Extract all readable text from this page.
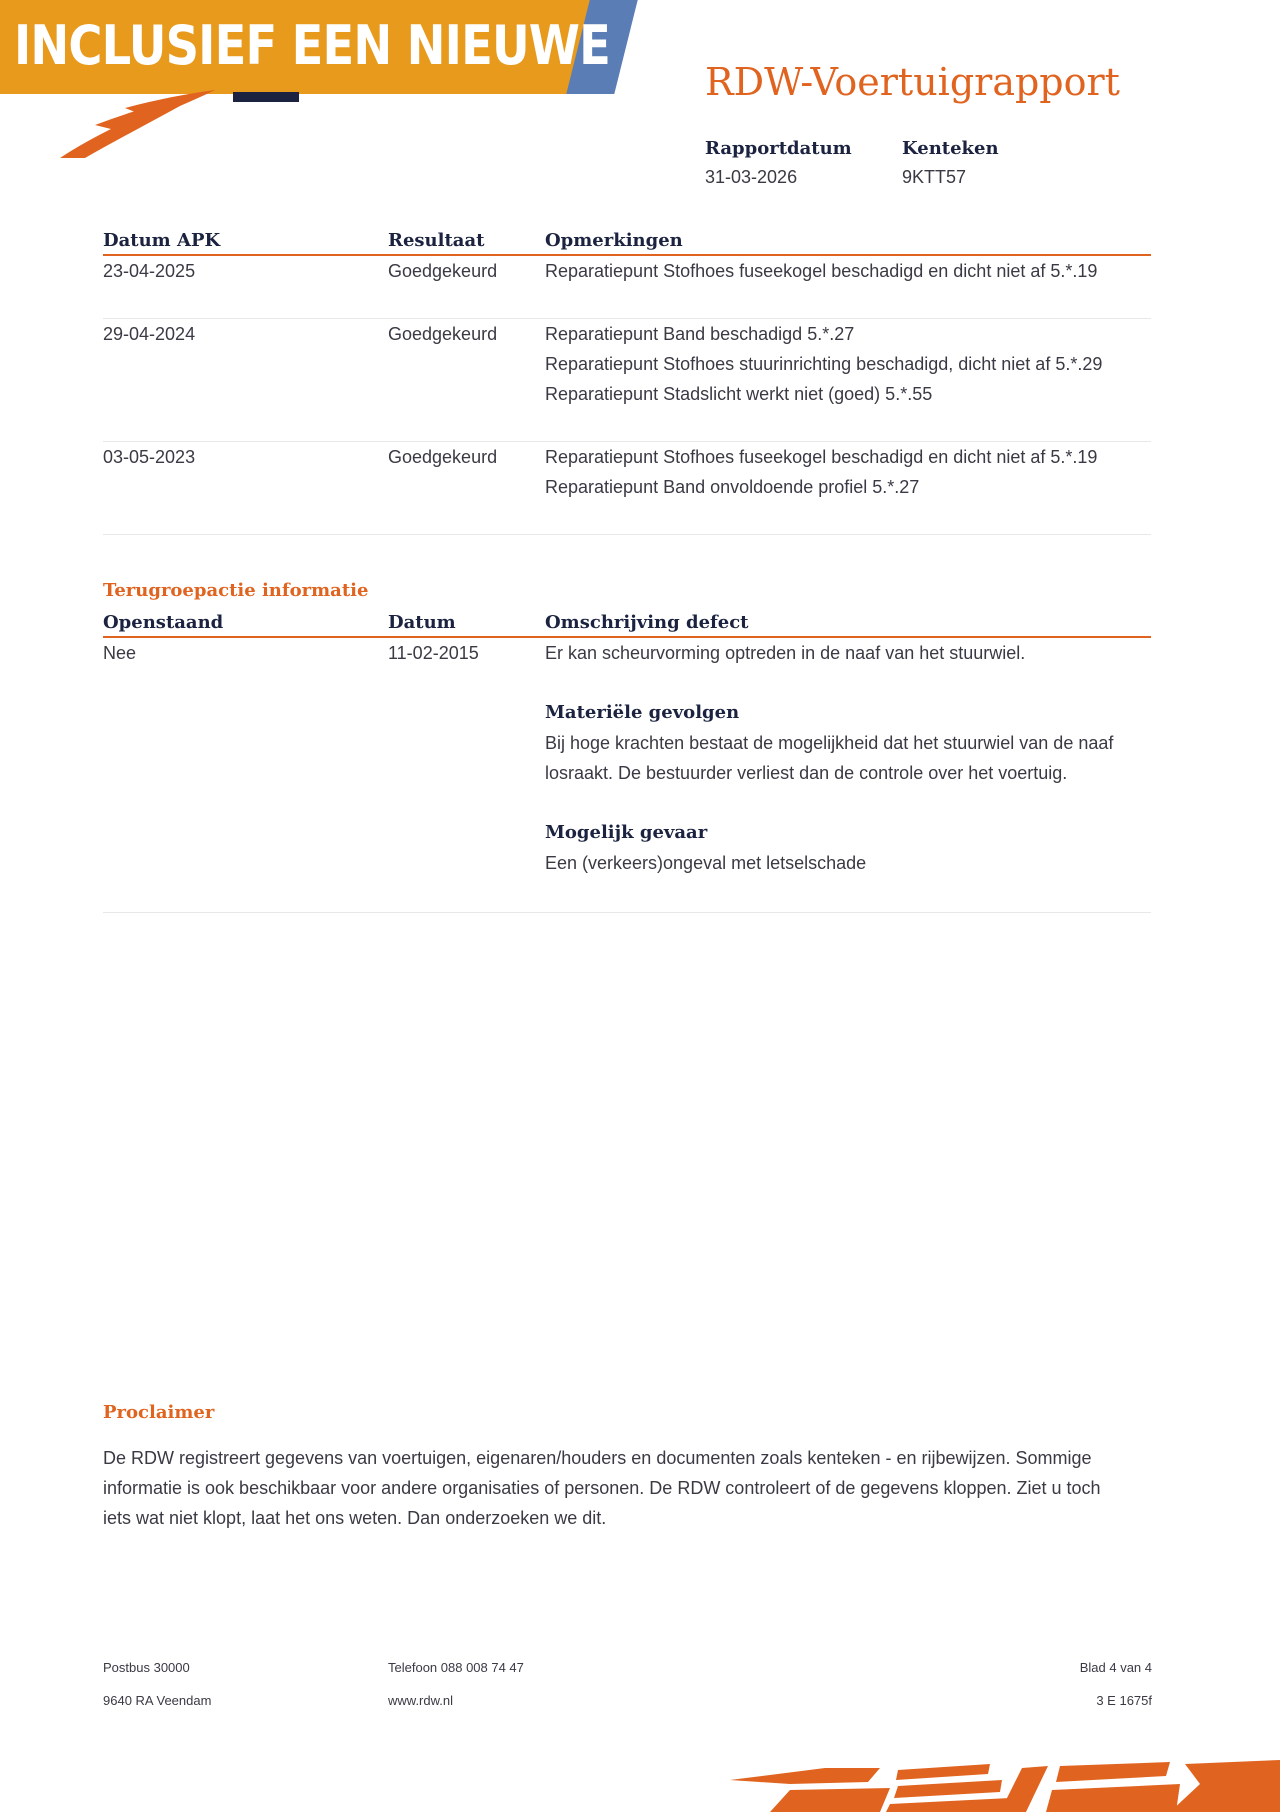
INCLUSIEF EEN NIEUWE APK
RDW-Voertuigrapport
Rapportdatum
31-03-2026
Kenteken
9KTT57
Datum APK	Resultaat	Opmerkingen
23-04-2025	Goedgekeurd	Reparatiepunt Stofhoes fuseekogel beschadigd en dicht niet af 5.*.19
29-04-2024	Goedgekeurd	Reparatiepunt Band beschadigd 5.*.27
Reparatiepunt Stofhoes stuurinrichting beschadigd, dicht niet af 5.*.29
Reparatiepunt Stadslicht werkt niet (goed) 5.*.55
03-05-2023	Goedgekeurd	Reparatiepunt Stofhoes fuseekogel beschadigd en dicht niet af 5.*.19
Reparatiepunt Band onvoldoende profiel 5.*.27
Terugroepactie informatie
Openstaand	Datum	Omschrijving defect
Nee	11-02-2015	Er kan scheurvorming optreden in de naaf van het stuurwiel.
Materiële gevolgen
Bij hoge krachten bestaat de mogelijkheid dat het stuurwiel van de naaf losraakt. De bestuurder verliest dan de controle over het voertuig.
Mogelijk gevaar
Een (verkeers)ongeval met letselschade
Proclaimer
De RDW registreert gegevens van voertuigen, eigenaren/houders en documenten zoals kenteken - en rijbewijzen. Sommige informatie is ook beschikbaar voor andere organisaties of personen. De RDW controleert of de gegevens kloppen. Ziet u toch iets wat niet klopt, laat het ons weten. Dan onderzoeken we dit.
Postbus 30000
9640 RA Veendam
Telefoon 088 008 74 47
www.rdw.nl
Blad 4 van 4
3 E 1675f
